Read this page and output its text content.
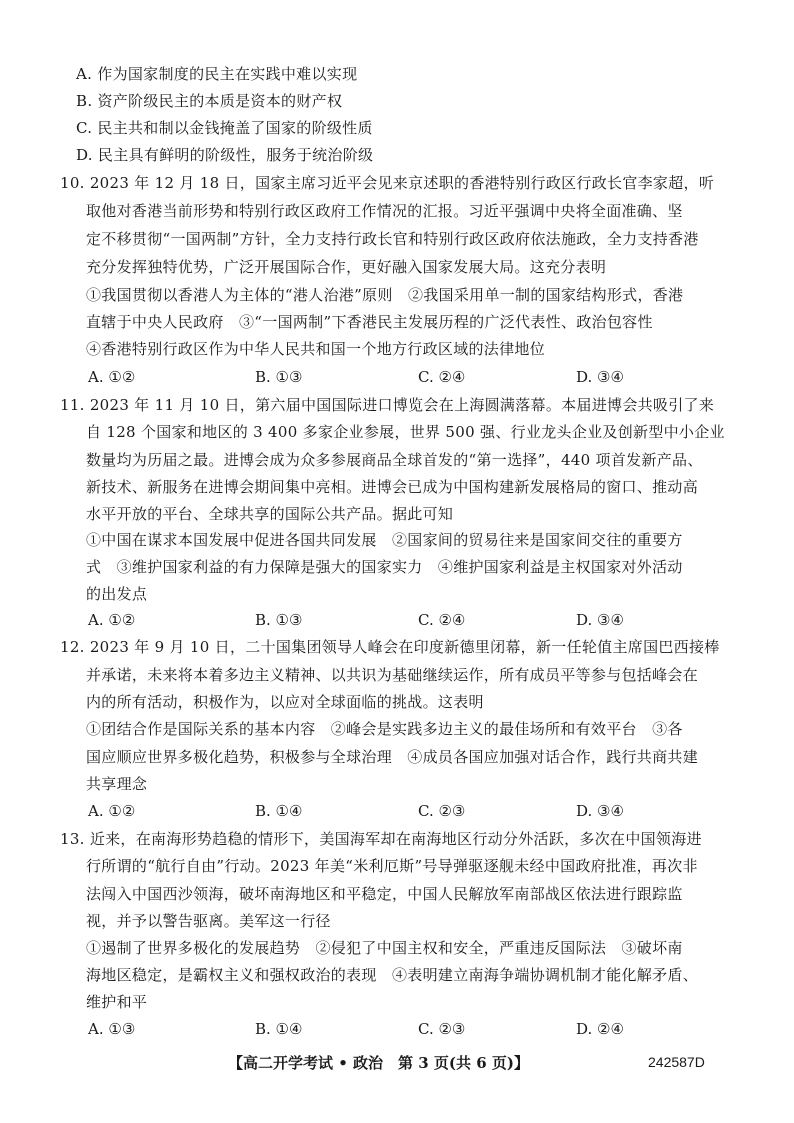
A. 作为国家制度的民主在实践中难以实现
B. 资产阶级民主的本质是资本的财产权
C. 民主共和制以金钱掩盖了国家的阶级性质
D. 民主具有鲜明的阶级性，服务于统治阶级
10. 2023 年 12 月 18 日，国家主席习近平会见来京述职的香港特别行政区行政长官李家超，听
取他对香港当前形势和特别行政区政府工作情况的汇报。习近平强调中央将全面准确、坚
定不移贯彻“一国两制”方针，全力支持行政长官和特别行政区政府依法施政，全力支持香港
充分发挥独特优势，广泛开展国际合作，更好融入国家发展大局。这充分表明
①我国贯彻以香港人为主体的“港人治港”原则　②我国采用单一制的国家结构形式，香港
直辖于中央人民政府　③“一国两制”下香港民主发展历程的广泛代表性、政治包容性
④香港特别行政区作为中华人民共和国一个地方行政区域的法律地位
A. ①②	B. ①③	C. ②④	D. ③④
11. 2023 年 11 月 10 日，第六届中国国际进口博览会在上海圆满落幕。本届进博会共吸引了来
自 128 个国家和地区的 3 400 多家企业参展，世界 500 强、行业龙头企业及创新型中小企业
数量均为历届之最。进博会成为众多参展商品全球首发的“第一选择”，440 项首发新产品、
新技术、新服务在进博会期间集中亮相。进博会已成为中国构建新发展格局的窗口、推动高
水平开放的平台、全球共享的国际公共产品。据此可知
①中国在谋求本国发展中促进各国共同发展　②国家间的贸易往来是国家间交往的重要方
式　③维护国家利益的有力保障是强大的国家实力　④维护国家利益是主权国家对外活动
的出发点
A. ①②	B. ①③	C. ②④	D. ③④
12. 2023 年 9 月 10 日，二十国集团领导人峰会在印度新德里闭幕，新一任轮值主席国巴西接棒
并承诺，未来将本着多边主义精神、以共识为基础继续运作，所有成员平等参与包括峰会在
内的所有活动，积极作为，以应对全球面临的挑战。这表明
①团结合作是国际关系的基本内容　②峰会是实践多边主义的最佳场所和有效平台　③各
国应顺应世界多极化趋势，积极参与全球治理　④成员各国应加强对话合作，践行共商共建
共享理念
A. ①②	B. ①④	C. ②③	D. ③④
13. 近来，在南海形势趋稳的情形下，美国海军却在南海地区行动分外活跃，多次在中国领海进
行所谓的“航行自由”行动。2023 年美“米利厄斯”号导弹驱逐舰未经中国政府批准，再次非
法闯入中国西沙领海，破坏南海地区和平稳定，中国人民解放军南部战区依法进行跟踪监
视，并予以警告驱离。美军这一行径
①遏制了世界多极化的发展趋势　②侵犯了中国主权和安全，严重违反国际法　③破坏南
海地区稳定，是霸权主义和强权政治的表现　④表明建立南海争端协调机制才能化解矛盾、
维护和平
A. ①③	B. ①④	C. ②③	D. ②④
【高二开学考试 • 政治　第 3 页(共 6 页)】	242587D
